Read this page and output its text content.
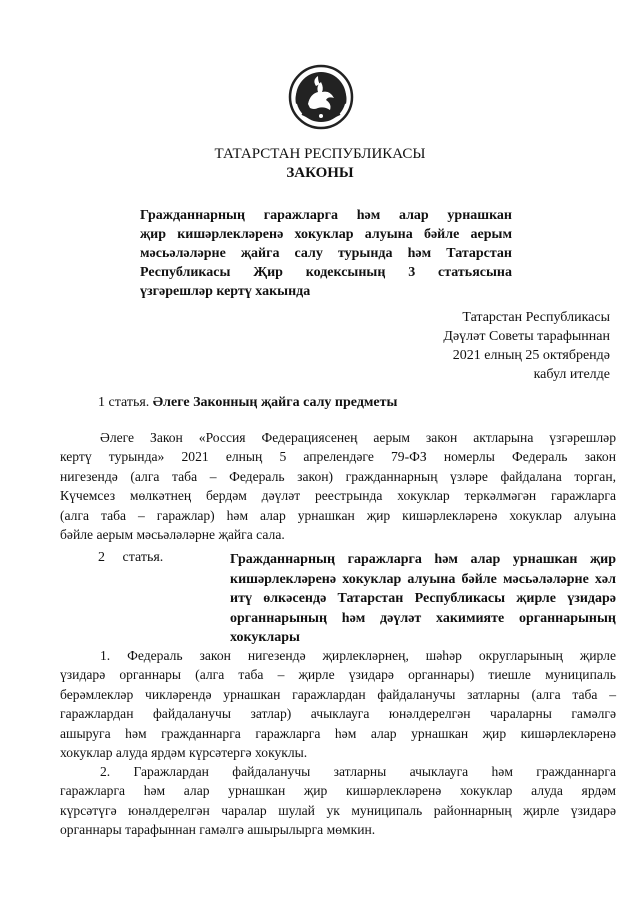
ТАТАРСТАН РЕСПУБЛИКАСЫ
ЗАКОНЫ
Гражданнарның гаражларга һәм алар урнашкан
җир кишәрлекләренә хокуклар алуына бәйле аерым
мәсьәләләрне җайга салу турында һәм Татарстан
Республикасы Җир кодексының 3 статьясына
үзгәрешләр кертү хакында
Татарстан Республикасы
Дәүләт Советы тарафыннан
2021 елның 25 октябрендә
кабул ителде
1 статья. Әлеге Законның җайга салу предметы
Әлеге Закон «Россия Федерациясенең аерым закон актларына үзгәрешләр
кертү турында» 2021 елның 5 апрелендәге 79-ФЗ номерлы Федераль закон
нигезендә (алга таба – Федераль закон) гражданнарның үзләре файдалана торган,
Күчемсез мөлкәтнең бердәм дәүләт реестрында хокуклар теркәлмәгән гаражларга
(алга таба – гаражлар) һәм алар урнашкан җир кишәрлекләренә хокуклар алуына
бәйле аерым мәсьәләләрне җайга сала.
2 статья.	Гражданнарның гаражларга һәм алар урнашкан җир
кишәрлекләренә хокуклар алуына бәйле мәсьәләләрне хәл
итү өлкәсендә Татарстан Республикасы җирле үзидарә
органнарының һәм дәүләт хакимияте органнарының
хокуклары
1. Федераль закон нигезендә җирлекләрнең, шәһәр округларының җирле
үзидарә органнары (алга таба – җирле үзидарә органнары) тиешле муниципаль
берәмлекләр чикләрендә урнашкан гаражлардан файдаланучы затларны (алга таба –
гаражлардан файдаланучы затлар) ачыклауга юнәлдерелгән чараларны гамәлгә
ашыруга һәм гражданнарга гаражларга һәм алар урнашкан җир кишәрлекләренә
хокуклар алуда ярдәм күрсәтергә хокуклы.
2. Гаражлардан файдаланучы затларны ачыклауга һәм гражданнарга
гаражларга һәм алар урнашкан җир кишәрлекләренә хокуклар алуда ярдәм
күрсәтүгә юнәлдерелгән чаралар шулай ук муниципаль районнарның җирле үзидарә
органнары тарафыннан гамәлгә ашырылырга мөмкин.
